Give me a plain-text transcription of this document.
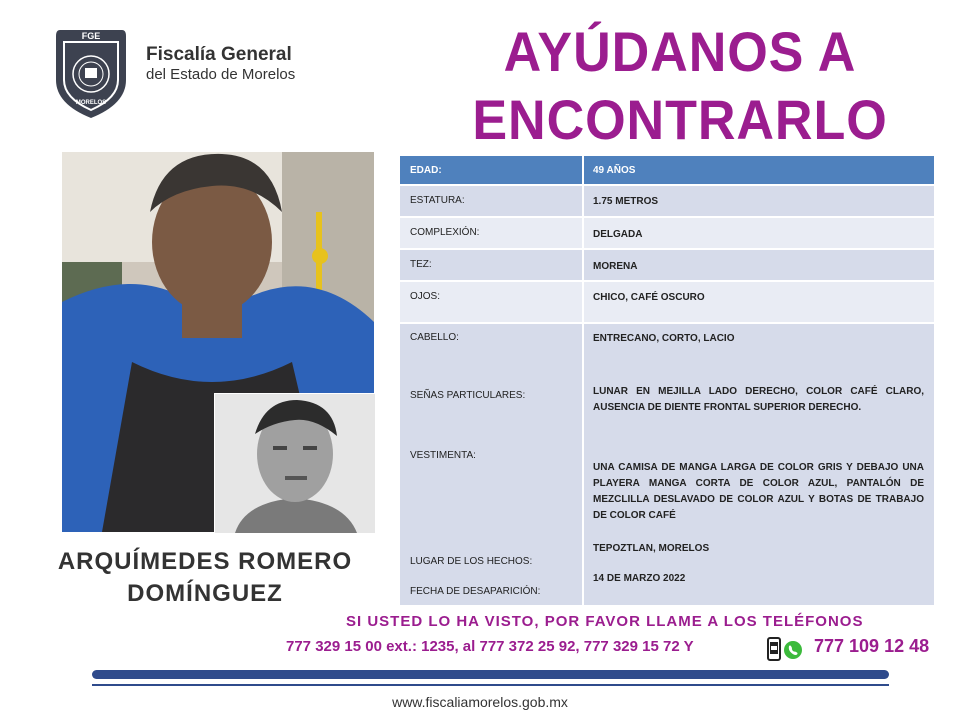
FGE
MORELOS
Fiscalía General
del Estado de Morelos	AYÚDANOS A
ENCONTRARLO
ARQUÍMEDES ROMERO
DOMÍNGUEZ
EDAD:	49 AÑOS
ESTATURA:	1.75 METROS
COMPLEXIÓN:	DELGADA
TEZ:	MORENA
OJOS:	CHICO, CAFÉ OSCURO
CABELLO:	ENTRECANO, CORTO, LACIO
SEÑAS PARTICULARES:	LUNAR EN MEJILLA LADO DERECHO, COLOR CAFÉ CLARO, AUSENCIA DE DIENTE FRONTAL SUPERIOR DERECHO.
VESTIMENTA:
UNA CAMISA DE MANGA LARGA DE COLOR GRIS Y DEBAJO UNA PLAYERA MANGA CORTA DE COLOR AZUL, PANTALÓN DE MEZCLILLA DESLAVADO DE COLOR AZUL Y BOTAS DE TRABAJO DE COLOR CAFÉ
LUGAR DE LOS HECHOS:
TEPOZTLAN, MORELOS
FECHA DE DESAPARICIÓN:
14 DE MARZO 2022
SI USTED LO HA VISTO, POR FAVOR LLAME A LOS TELÉFONOS
777 329 15 00 ext.: 1235, al 777 372 25 92, 777 329 15 72 Y	777 109 12 48
www.fiscaliamorelos.gob.mx
